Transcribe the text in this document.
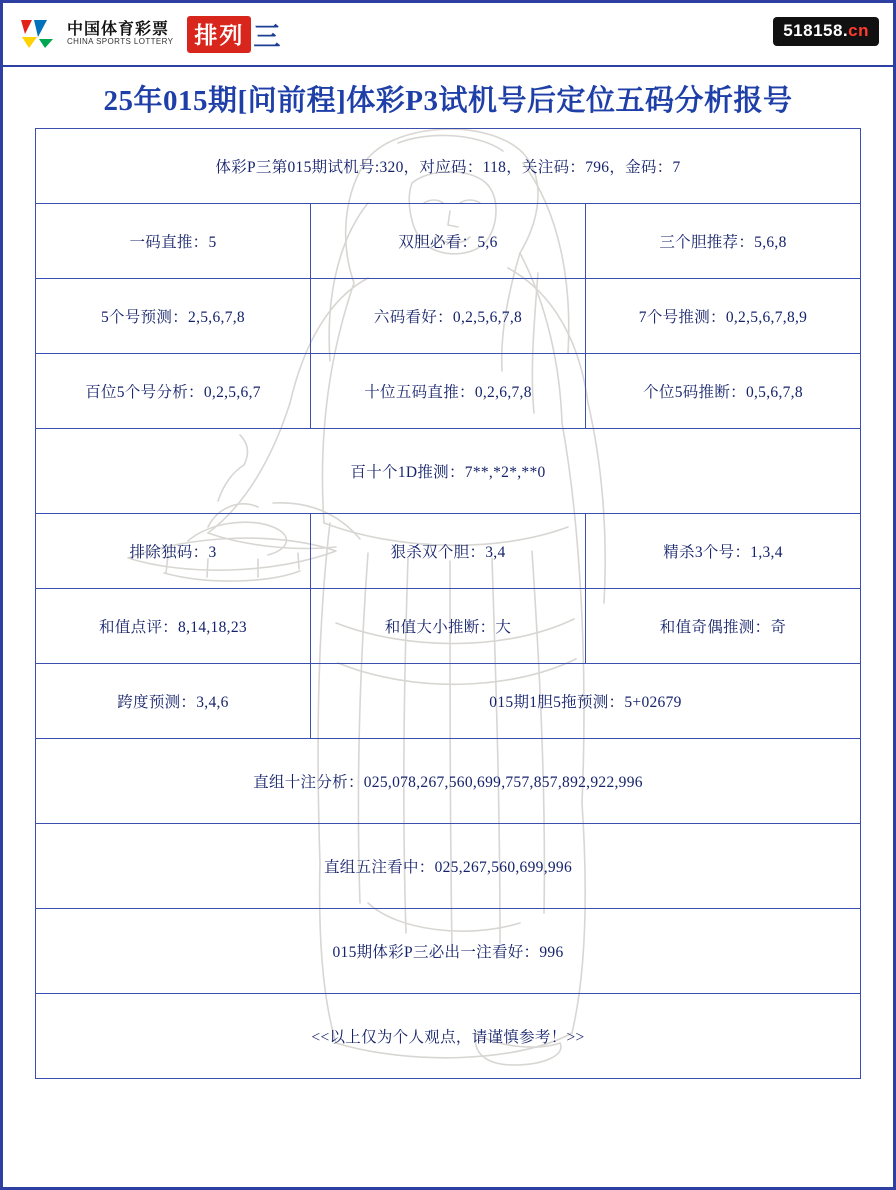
中国体育彩票
CHINA SPORTS LOTTERY 排列 三	518158.cn
25年015期[问前程]体彩P3试机号后定位五码分析报号
体彩P三第015期试机号:320，对应码：118，关注码：796，金码：7		
一码直推：5	双胆必看：5,6	三个胆推荐：5,6,8
5个号预测：2,5,6,7,8	六码看好：0,2,5,6,7,8	7个号推测：0,2,5,6,7,8,9
百位5个号分析：0,2,5,6,7	十位五码直推：0,2,6,7,8	个位5码推断：0,5,6,7,8
百十个1D推测：7**,*2*,**0		
排除独码：3	狠杀双个胆：3,4	精杀3个号：1,3,4
和值点评：8,14,18,23	和值大小推断：大	和值奇偶推测：奇
跨度预测：3,4,6	015期1胆5拖预测：5+02679	
直组十注分析：025,078,267,560,699,757,857,892,922,996		
直组五注看中：025,267,560,699,996		
015期体彩P三必出一注看好：996		
<<以上仅为个人观点，请谨慎参考！>>		
